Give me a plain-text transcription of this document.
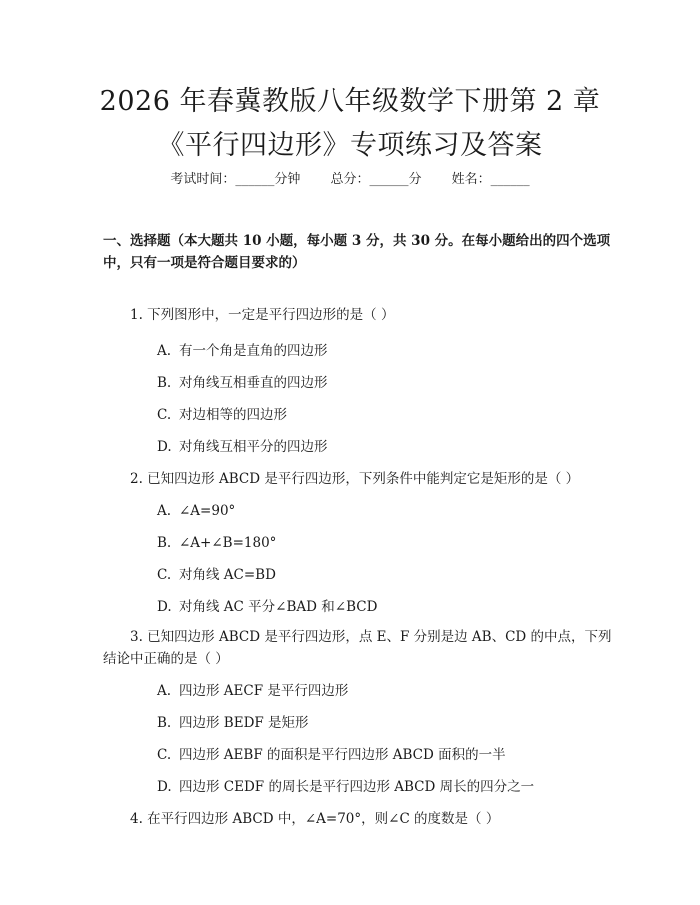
2026 年春冀教版八年级数学下册第 2 章《平行四边形》专项练习及答案
考试时间：______分钟 总分：______分 姓名：______
一、选择题（本大题共 10 小题，每小题 3 分，共 30 分。在每小题给出的四个选项中，只有一项是符合题目要求的）
1. 下列图形中，一定是平行四边形的是（ ）
A. 有一个角是直角的四边形
B. 对角线互相垂直的四边形
C. 对边相等的四边形
D. 对角线互相平分的四边形
2. 已知四边形 ABCD 是平行四边形，下列条件中能判定它是矩形的是（ ）
A. ∠A=90°
B. ∠A+∠B=180°
C. 对角线 AC=BD
D. 对角线 AC 平分∠BAD 和∠BCD
3. 已知四边形 ABCD 是平行四边形，点 E、F 分别是边 AB、CD 的中点，下列结论中正确的是（ ）
A. 四边形 AECF 是平行四边形
B. 四边形 BEDF 是矩形
C. 四边形 AEBF 的面积是平行四边形 ABCD 面积的一半
D. 四边形 CEDF 的周长是平行四边形 ABCD 周长的四分之一
4. 在平行四边形 ABCD 中，∠A=70°，则∠C 的度数是（ ）
